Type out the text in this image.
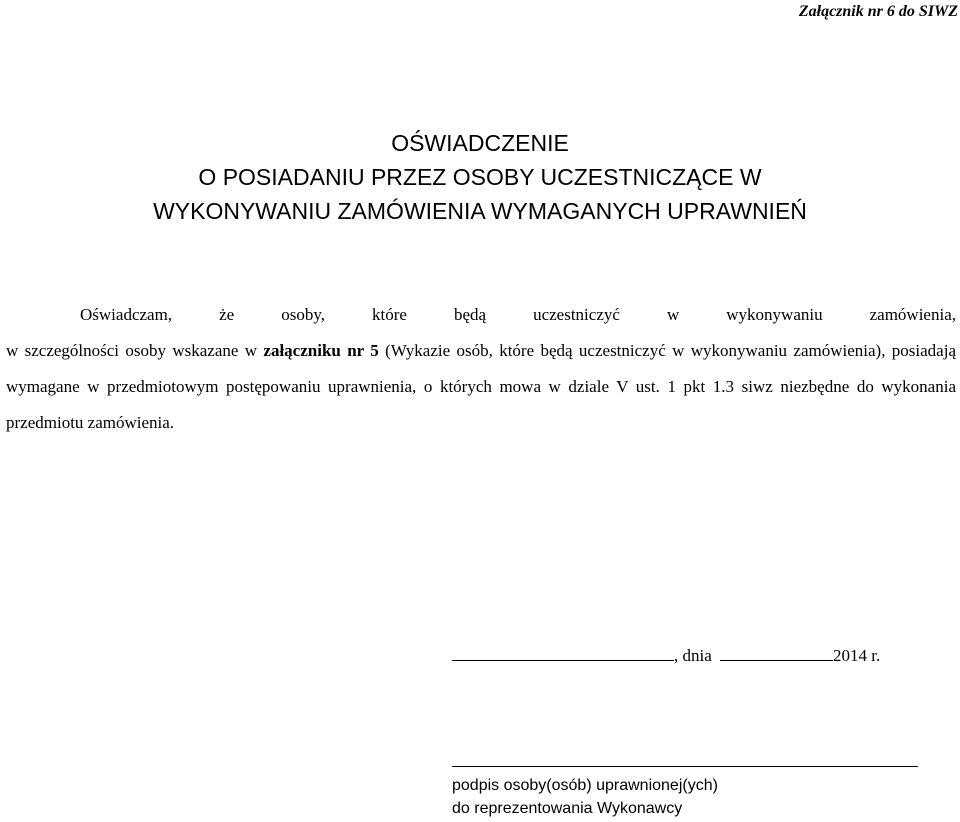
Załącznik nr 6 do SIWZ
OŚWIADCZENIE
O POSIADANIU PRZEZ OSOBY UCZESTNICZĄCE W
WYKONYWANIU ZAMÓWIENIA WYMAGANYCH UPRAWNIEŃ
Oświadczam, że osoby, które będą uczestniczyć w wykonywaniu zamówienia,
w szczególności osoby wskazane w załączniku nr 5 (Wykazie osób, które będą uczestniczyć w wykonywaniu zamówienia), posiadają wymagane w przedmiotowym postępowaniu uprawnienia, o których mowa w dziale V ust. 1 pkt 1.3 siwz niezbędne do wykonania przedmiotu zamówienia.
, dnia	2014 r.
podpis osoby(osób) uprawnionej(ych)
do reprezentowania Wykonawcy
